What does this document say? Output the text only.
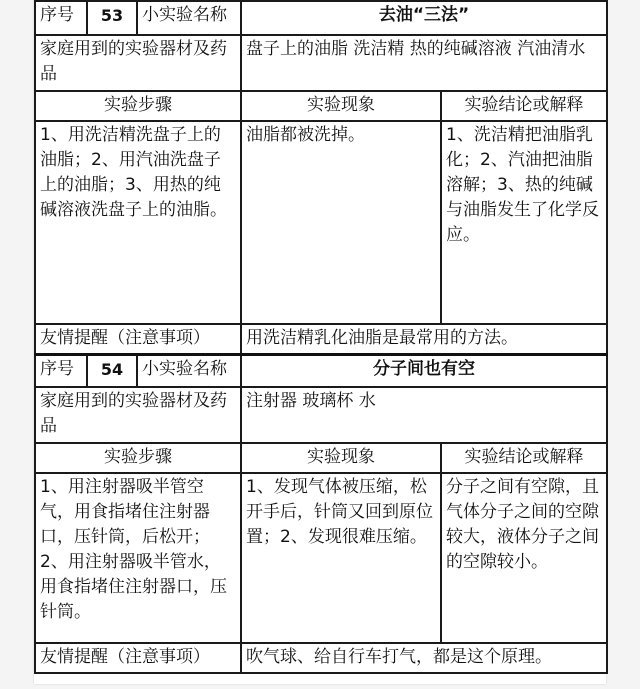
序号	53	小实验名称	去油“三法”	
家庭用到的实验器材及药品			盘子上的油脂 洗洁精 热的纯碱溶液 汽油清水	
实验步骤			实验现象	实验结论或解释
1、用洗洁精洗盘子上的油脂；2、用汽油洗盘子上的油脂；3、用热的纯碱溶液洗盘子上的油脂。			油脂都被洗掉。	1、洗洁精把油脂乳化；2、汽油把油脂溶解；3、热的纯碱与油脂发生了化学反应。
友情提醒（注意事项）			用洗洁精乳化油脂是最常用的方法。	
序号	54	小实验名称	分子间也有空	
家庭用到的实验器材及药品			注射器 玻璃杯 水	
实验步骤			实验现象	实验结论或解释
1、用注射器吸半管空气，用食指堵住注射器口，压针筒，后松开；2、用注射器吸半管水，用食指堵住注射器口，压针筒。			1、发现气体被压缩，松开手后，针筒又回到原位置；2、发现很难压缩。	分子之间有空隙，且气体分子之间的空隙较大，液体分子之间的空隙较小。
友情提醒（注意事项）			吹气球、给自行车打气，都是这个原理。	
